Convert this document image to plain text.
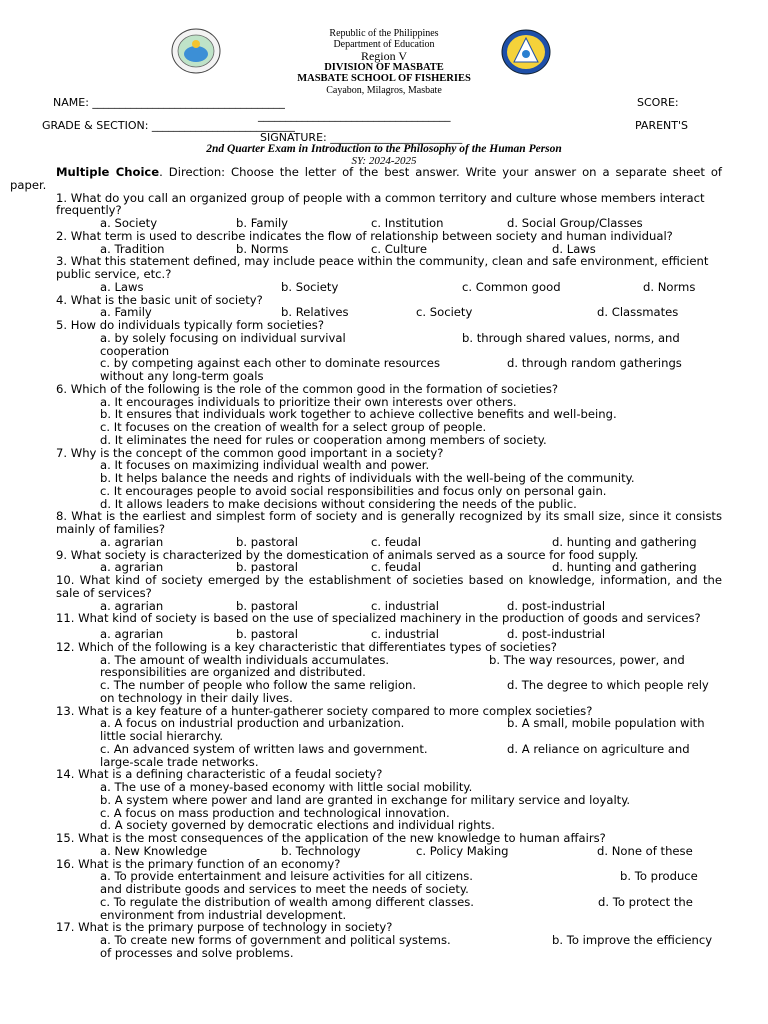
Republic of the Philippines
Department of Education
Region V
DIVISION OF MASBATE
MASBATE SCHOOL OF FISHERIES
Cayabon, Milagros, Masbate
NAME: ___________________________________	SCORE:
___________________________________
GRADE & SECTION: __________________________	PARENT'S
SIGNATURE: ________________________
2nd Quarter Exam in Introduction to the Philosophy of the Human Person
SY: 2024-2025
Multiple Choice. Direction: Choose the letter of the best answer. Write your answer on a separate sheet of paper.
1. What do you call an organized group of people with a common territory and culture whose members interact frequently?
a. Society	b. Family	c. Institution	d. Social Group/Classes
2. What term is used to describe indicates the flow of relationship between society and human individual?
a. Tradition	b. Norms	c. Culture	d. Laws
3. What this statement defined, may include peace within the community, clean and safe environment, efficient public service, etc.?
a. Laws	b. Society	c. Common good	d. Norms
4. What is the basic unit of society?
a. Family	b. Relatives	c. Society	d. Classmates
5. How do individuals typically form societies?
a. by solely focusing on individual survival	b. through shared values, norms, and cooperation
c. by competing against each other to dominate resources	d. through random gatherings without any long-term goals
6. Which of the following is the role of the common good in the formation of societies?
a. It encourages individuals to prioritize their own interests over others.
b. It ensures that individuals work together to achieve collective benefits and well-being.
c. It focuses on the creation of wealth for a select group of people.
d. It eliminates the need for rules or cooperation among members of society.
7. Why is the concept of the common good important in a society?
a. It focuses on maximizing individual wealth and power.
b. It helps balance the needs and rights of individuals with the well-being of the community.
c. It encourages people to avoid social responsibilities and focus only on personal gain.
d. It allows leaders to make decisions without considering the needs of the public.
8. What is the earliest and simplest form of society and is generally recognized by its small size, since it consists mainly of families?
a. agrarian	b. pastoral	c. feudal	d. hunting and gathering
9. What society is characterized by the domestication of animals served as a source for food supply.
a. agrarian	b. pastoral	c. feudal	d. hunting and gathering
10. What kind of society emerged by the establishment of societies based on knowledge, information, and the sale of services?
a. agrarian	b. pastoral	c. industrial	d. post-industrial
11. What kind of society is based on the use of specialized machinery in the production of goods and services?
a. agrarian	b. pastoral	c. industrial	d. post-industrial
12. Which of the following is a key characteristic that differentiates types of societies?
a. The amount of wealth individuals accumulates.	b. The way resources, power, and responsibilities are organized and distributed.
c. The number of people who follow the same religion.	d. The degree to which people rely on technology in their daily lives.
13. What is a key feature of a hunter-gatherer society compared to more complex societies?
a. A focus on industrial production and urbanization.	b. A small, mobile population with little social hierarchy.
c. An advanced system of written laws and government.	d. A reliance on agriculture and large-scale trade networks.
14. What is a defining characteristic of a feudal society?
a. The use of a money-based economy with little social mobility.
b. A system where power and land are granted in exchange for military service and loyalty.
c. A focus on mass production and technological innovation.
d. A society governed by democratic elections and individual rights.
15. What is the most consequences of the application of the new knowledge to human affairs?
a. New Knowledge	b. Technology	c. Policy Making	d. None of these
16. What is the primary function of an economy?
a. To provide entertainment and leisure activities for all citizens.	b. To produce and distribute goods and services to meet the needs of society.
c. To regulate the distribution of wealth among different classes.	d. To protect the environment from industrial development.
17. What is the primary purpose of technology in society?
a. To create new forms of government and political systems.	b. To improve the efficiency of processes and solve problems.
